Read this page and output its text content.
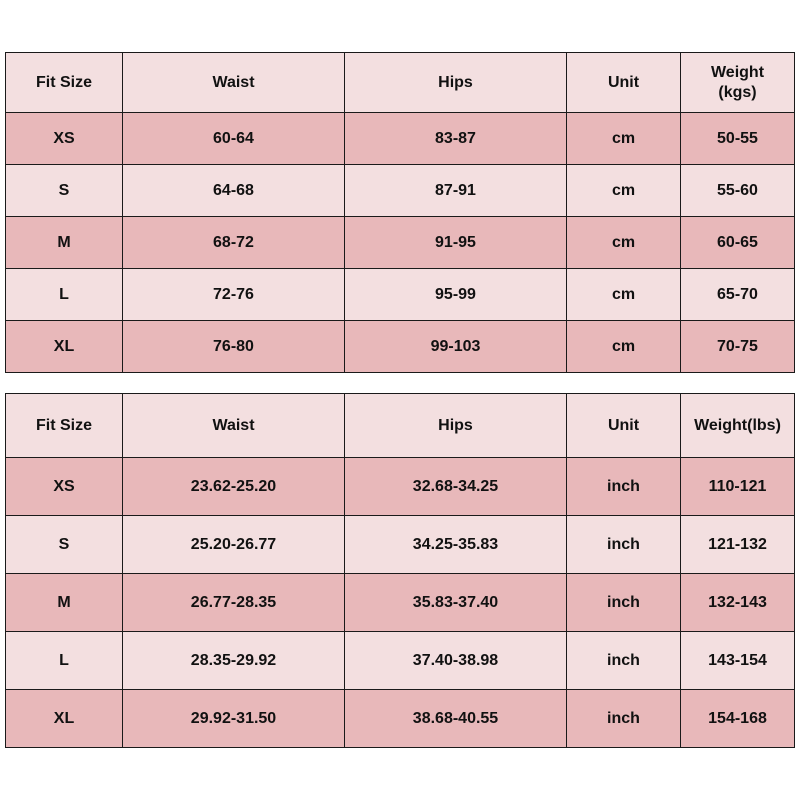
Fit Size	Waist	Hips	Unit	Weight
(kgs)

XS	60-64	83-87	cm	50-55
S	64-68	87-91	cm	55-60
M	68-72	91-95	cm	60-65
L	72-76	95-99	cm	65-70
XL	76-80	99-103	cm	70-75
Fit Size	Waist	Hips	Unit	Weight(lbs)
XS	23.62-25.20	32.68-34.25	inch	110-121
S	25.20-26.77	34.25-35.83	inch	121-132
M	26.77-28.35	35.83-37.40	inch	132-143
L	28.35-29.92	37.40-38.98	inch	143-154
XL	29.92-31.50	38.68-40.55	inch	154-168
